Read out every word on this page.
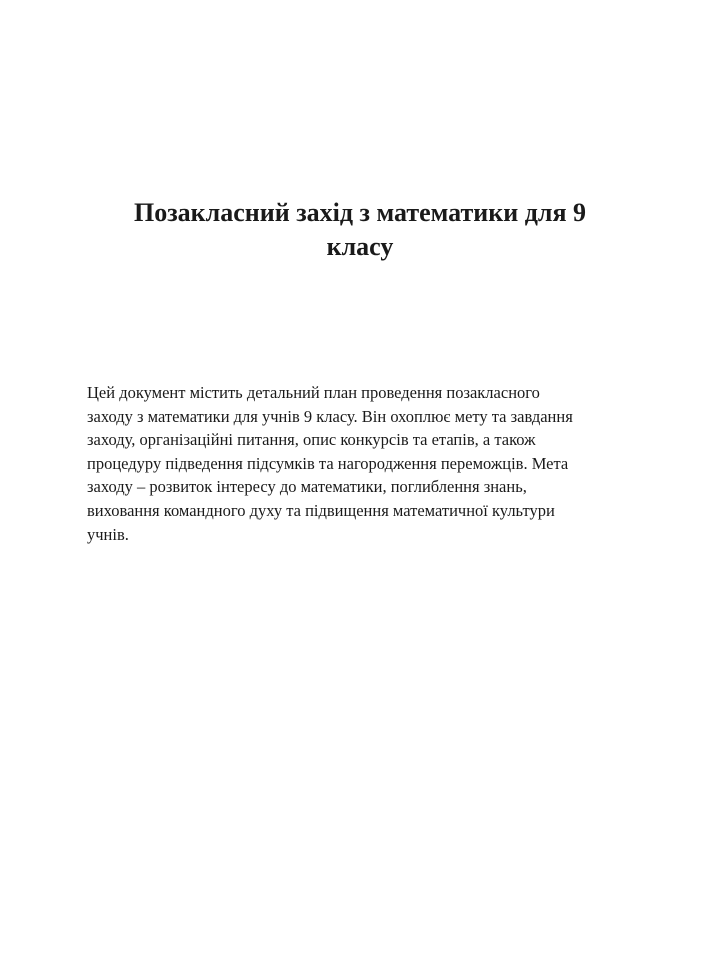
Позакласний захід з математики для 9
класу

Цей документ містить детальний план проведення позакласного
заходу з математики для учнів 9 класу. Він охоплює мету та завдання
заходу, організаційні питання, опис конкурсів та етапів, а також
процедуру підведення підсумків та нагородження переможців. Мета
заходу – розвиток інтересу до математики, поглиблення знань,
виховання командного духу та підвищення математичної культури
учнів.
